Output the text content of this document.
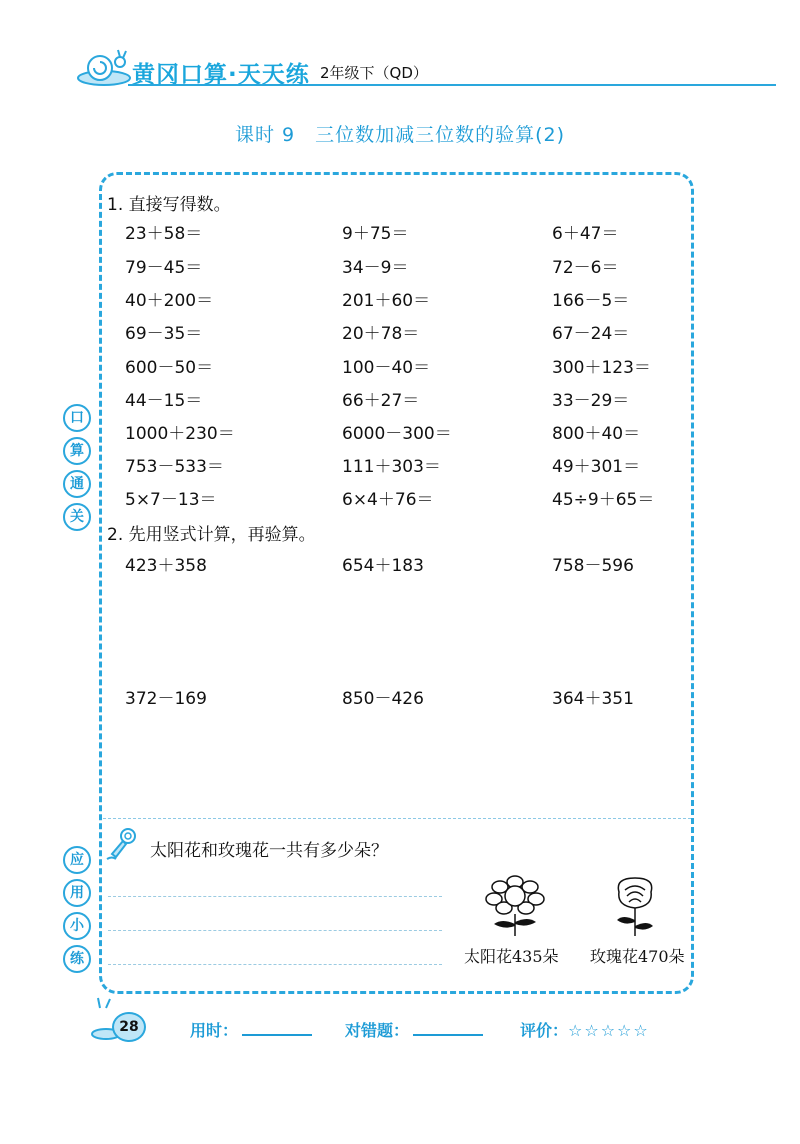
黄冈口算·天天练 2年级下（QD）
课时 9　三位数加减三位数的验算(2)
口
算
通
关
应
用
小
练
1. 直接写得数。
23＋58＝	9＋75＝	6＋47＝
79－45＝	34－9＝	72－6＝
40＋200＝	201＋60＝	166－5＝
69－35＝	20＋78＝	67－24＝
600－50＝	100－40＝	300＋123＝
44－15＝	66＋27＝	33－29＝
1000＋230＝	6000－300＝	800＋40＝
753－533＝	111＋303＝	49＋301＝
5×7－13＝	6×4＋76＝	45÷9＋65＝
2. 先用竖式计算，再验算。
423＋358	654＋183	758－596
372－169	850－426	364＋351
太阳花和玫瑰花一共有多少朵？
太阳花435朵 玫瑰花470朵
28	用时：	对错题：	评价：☆☆☆☆☆
